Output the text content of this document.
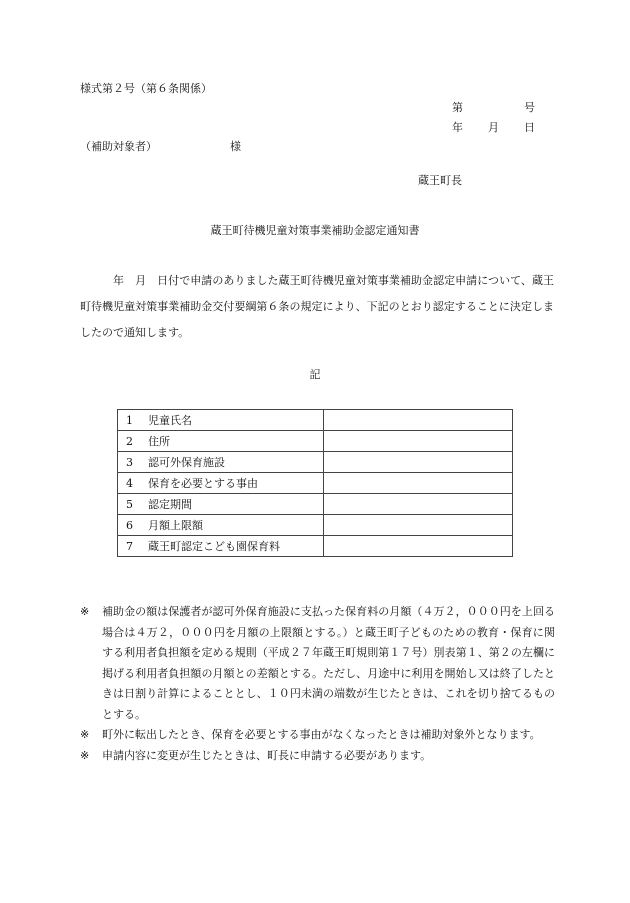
様式第２号（第６条関係）
第	号
年 月 日
（補助対象者）	様
蔵王町長
蔵王町待機児童対策事業補助金認定通知書
年　月　日付で申請のありました蔵王町待機児童対策事業補助金認定申請について、蔵王町待機児童対策事業補助金交付要綱第６条の規定により、下記のとおり認定することに決定しましたので通知します。
記
1 児童氏名	
2 住所	
3 認可外保育施設	
4 保育を必要とする事由	
5 認定期間	
6 月額上限額	
7 蔵王町認定こども園保育料	
※ 補助金の額は保護者が認可外保育施設に支払った保育料の月額（４万２，０００円を上回る場合は４万２，０００円を月額の上限額とする。）と蔵王町子どものための教育・保育に関する利用者負担額を定める規則（平成２７年蔵王町規則第１７号）別表第１、第２の左欄に掲げる利用者負担額の月額との差額とする。ただし、月途中に利用を開始し又は終了したときは日割り計算によることとし、１０円未満の端数が生じたときは、これを切り捨てるものとする。
※ 町外に転出したとき、保育を必要とする事由がなくなったときは補助対象外となります。
※ 申請内容に変更が生じたときは、町長に申請する必要があります。
